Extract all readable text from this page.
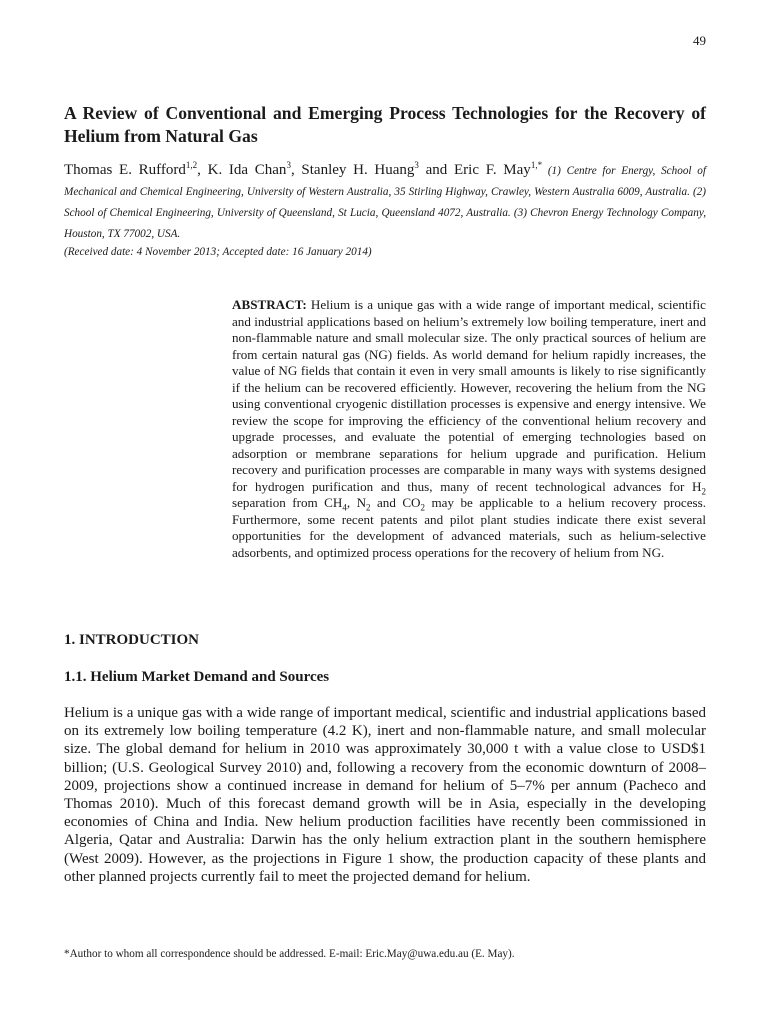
49
A Review of Conventional and Emerging Process Technologies for the Recovery of Helium from Natural Gas
Thomas E. Rufford$^{1,2}$, K. Ida Chan$^3$, Stanley H. Huang$^3$ and Eric F. May$^{1,*}$ (1) Centre for Energy, School of Mechanical and Chemical Engineering, University of Western Australia, 35 Stirling Highway, Crawley, Western Australia 6009, Australia. (2) School of Chemical Engineering, University of Queensland, St Lucia, Queensland 4072, Australia. (3) Chevron Energy Technology Company, Houston, TX 77002, USA.
(Received date: 4 November 2013; Accepted date: 16 January 2014)
ABSTRACT: Helium is a unique gas with a wide range of important medical, scientific and industrial applications based on helium’s extremely low boiling temperature, inert and non-flammable nature and small molecular size. The only practical sources of helium are from certain natural gas (NG) fields. As world demand for helium rapidly increases, the value of NG fields that contain it even in very small amounts is likely to rise significantly if the helium can be recovered efficiently. However, recovering the helium from the NG using conventional cryogenic distillation processes is expensive and energy intensive. We review the scope for improving the efficiency of the conventional helium recovery and upgrade processes, and evaluate the potential of emerging technologies based on adsorption or membrane separations for helium upgrade and purification. Helium recovery and purification processes are comparable in many ways with systems designed for hydrogen purification and thus, many of recent technological advances for $H_2$ separation from $CH_4$, $N_2$ and $CO_2$ may be applicable to a helium recovery process. Furthermore, some recent patents and pilot plant studies indicate there exist several opportunities for the development of advanced materials, such as helium-selective adsorbents, and optimized process operations for the recovery of helium from NG.
1. INTRODUCTION
1.1. Helium Market Demand and Sources

Helium is a unique gas with a wide range of important medical, scientific and industrial applications based on its extremely low boiling temperature (4.2 K), inert and non-flammable nature, and small molecular size. The global demand for helium in 2010 was approximately 30,000 t with a value close to USD$1 billion; (U.S. Geological Survey 2010) and, following a recovery from the economic downturn of 2008–2009, projections show a continued increase in demand for helium of 5–7% per annum (Pacheco and Thomas 2010). Much of this forecast demand growth will be in Asia, especially in the developing economies of China and India. New helium production facilities have recently been commissioned in Algeria, Qatar and Australia: Darwin has the only helium extraction plant in the southern hemisphere (West 2009). However, as the projections in Figure 1 show, the production capacity of these plants and other planned projects currently fail to meet the projected demand for helium.

*Author to whom all correspondence should be addressed. E-mail: Eric.May@uwa.edu.au (E. May).
